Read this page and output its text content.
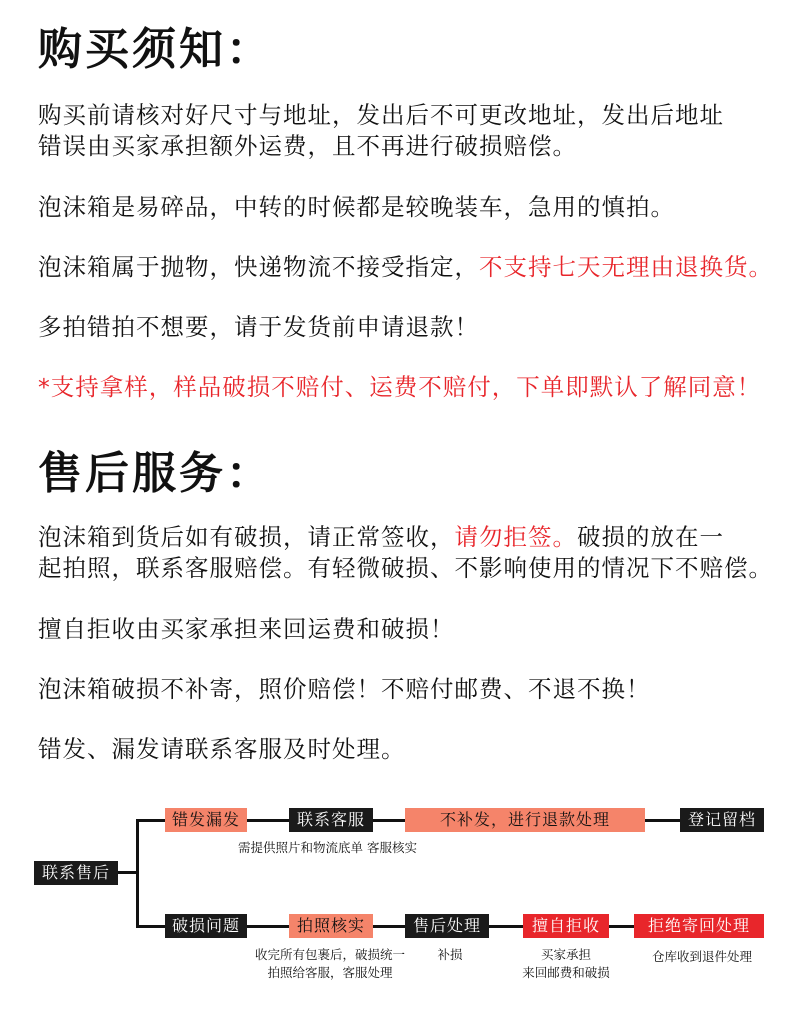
购买须知：
购买前请核对好尺寸与地址，发出后不可更改地址，发出后地址
错误由买家承担额外运费，且不再进行破损赔偿。
泡沫箱是易碎品，中转的时候都是较晚装车，急用的慎拍。
泡沫箱属于抛物，快递物流不接受指定，不支持七天无理由退换货。
多拍错拍不想要，请于发货前申请退款！
*支持拿样，样品破损不赔付、运费不赔付，下单即默认了解同意！
售后服务：
泡沫箱到货后如有破损，请正常签收，请勿拒签。破损的放在一
起拍照，联系客服赔偿。有轻微破损、不影响使用的情况下不赔偿。
擅自拒收由买家承担来回运费和破损！
泡沫箱破损不补寄，照价赔偿！不赔付邮费、不退不换！
错发、漏发请联系客服及时处理。
联系售后
错发漏发	联系客服	不补发，进行退款处理	登记留档
需提供照片和物流底单 客服核实
破损问题	拍照核实	售后处理	擅自拒收	拒绝寄回处理
收完所有包裹后，破损统一
拍照给客服，客服处理
补损	买家承担
来回邮费和破损
仓库收到退件处理
